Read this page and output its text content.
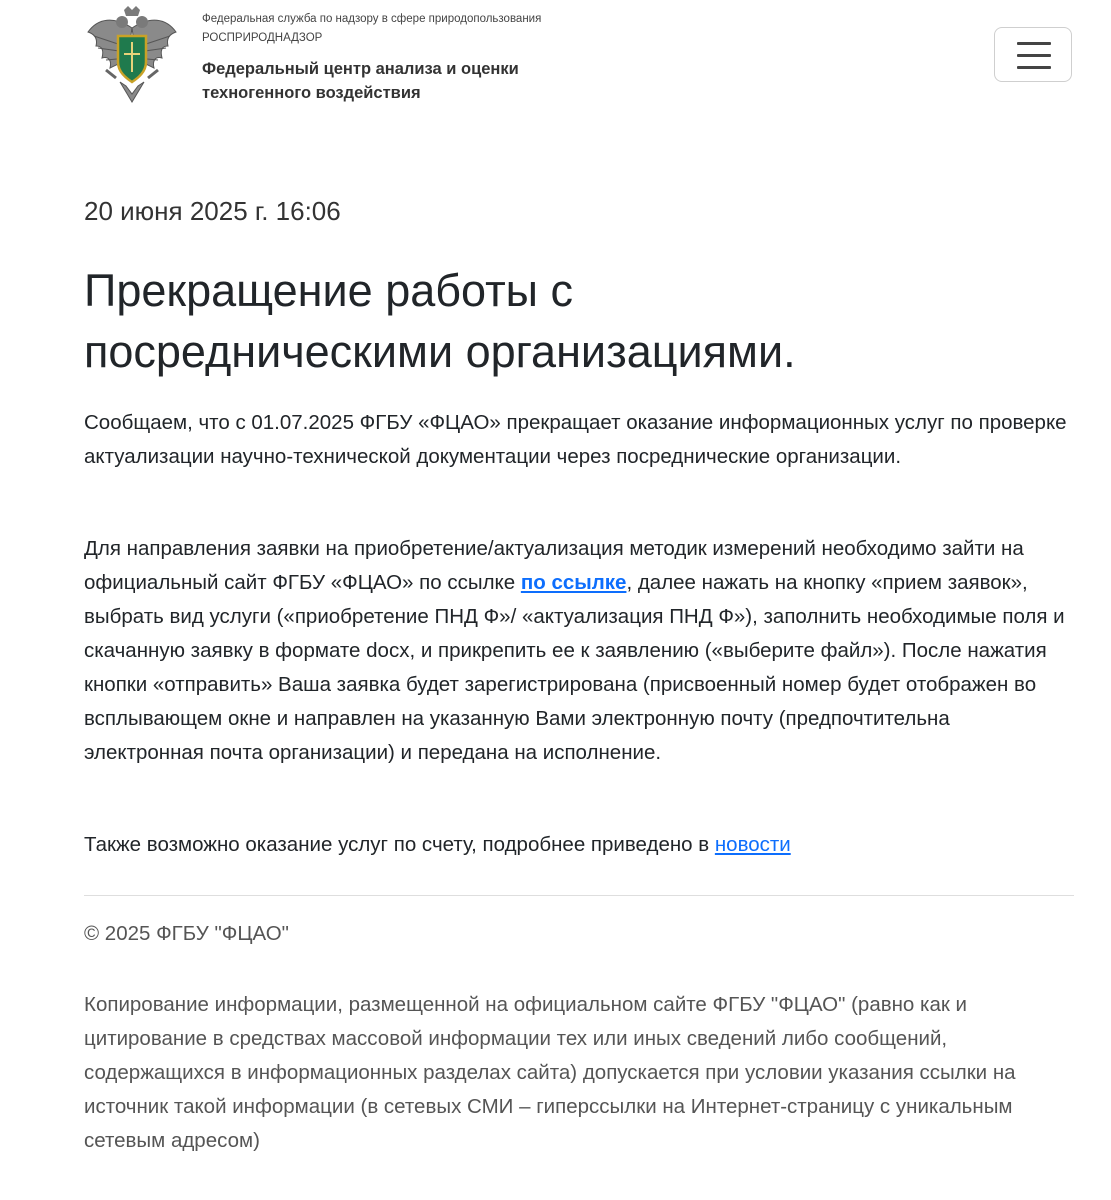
Федеральная служба по надзору в сфере природопользования
РОСПРИРОДНАДЗОР
Федеральный центр анализа и оценки
техногенного воздействия
20 июня 2025 г. 16:06
Прекращение работы с
посредническими организациями.

Сообщаем, что с 01.07.2025 ФГБУ «ФЦАО» прекращает оказание информационных услуг по проверке актуализации научно-технической документации через посреднические организации.

Для направления заявки на приобретение/актуализация методик измерений необходимо зайти на официальный сайт ФГБУ «ФЦАО» по ссылке по ссылке, далее нажать на кнопку «прием заявок», выбрать вид услуги («приобретение ПНД Ф»/ «актуализация ПНД Ф»), заполнить необходимые поля и скачанную заявку в формате docx, и прикрепить ее к заявлению («выберите файл»). После нажатия кнопки «отправить» Ваша заявка будет зарегистрирована (присвоенный номер будет отображен во всплывающем окне и направлен на указанную Вами электронную почту (предпочтительна электронная почта организации) и передана на исполнение.

Также возможно оказание услуг по счету, подробнее приведено в новости

© 2025 ФГБУ "ФЦАО"

Копирование информации, размещенной на официальном сайте ФГБУ "ФЦАО" (равно как и цитирование в средствах массовой информации тех или иных сведений либо сообщений, содержащихся в информационных разделах сайта) допускается при условии указания ссылки на источник такой информации (в сетевых СМИ – гиперссылки на Интернет-страницу с уникальным сетевым адресом)
